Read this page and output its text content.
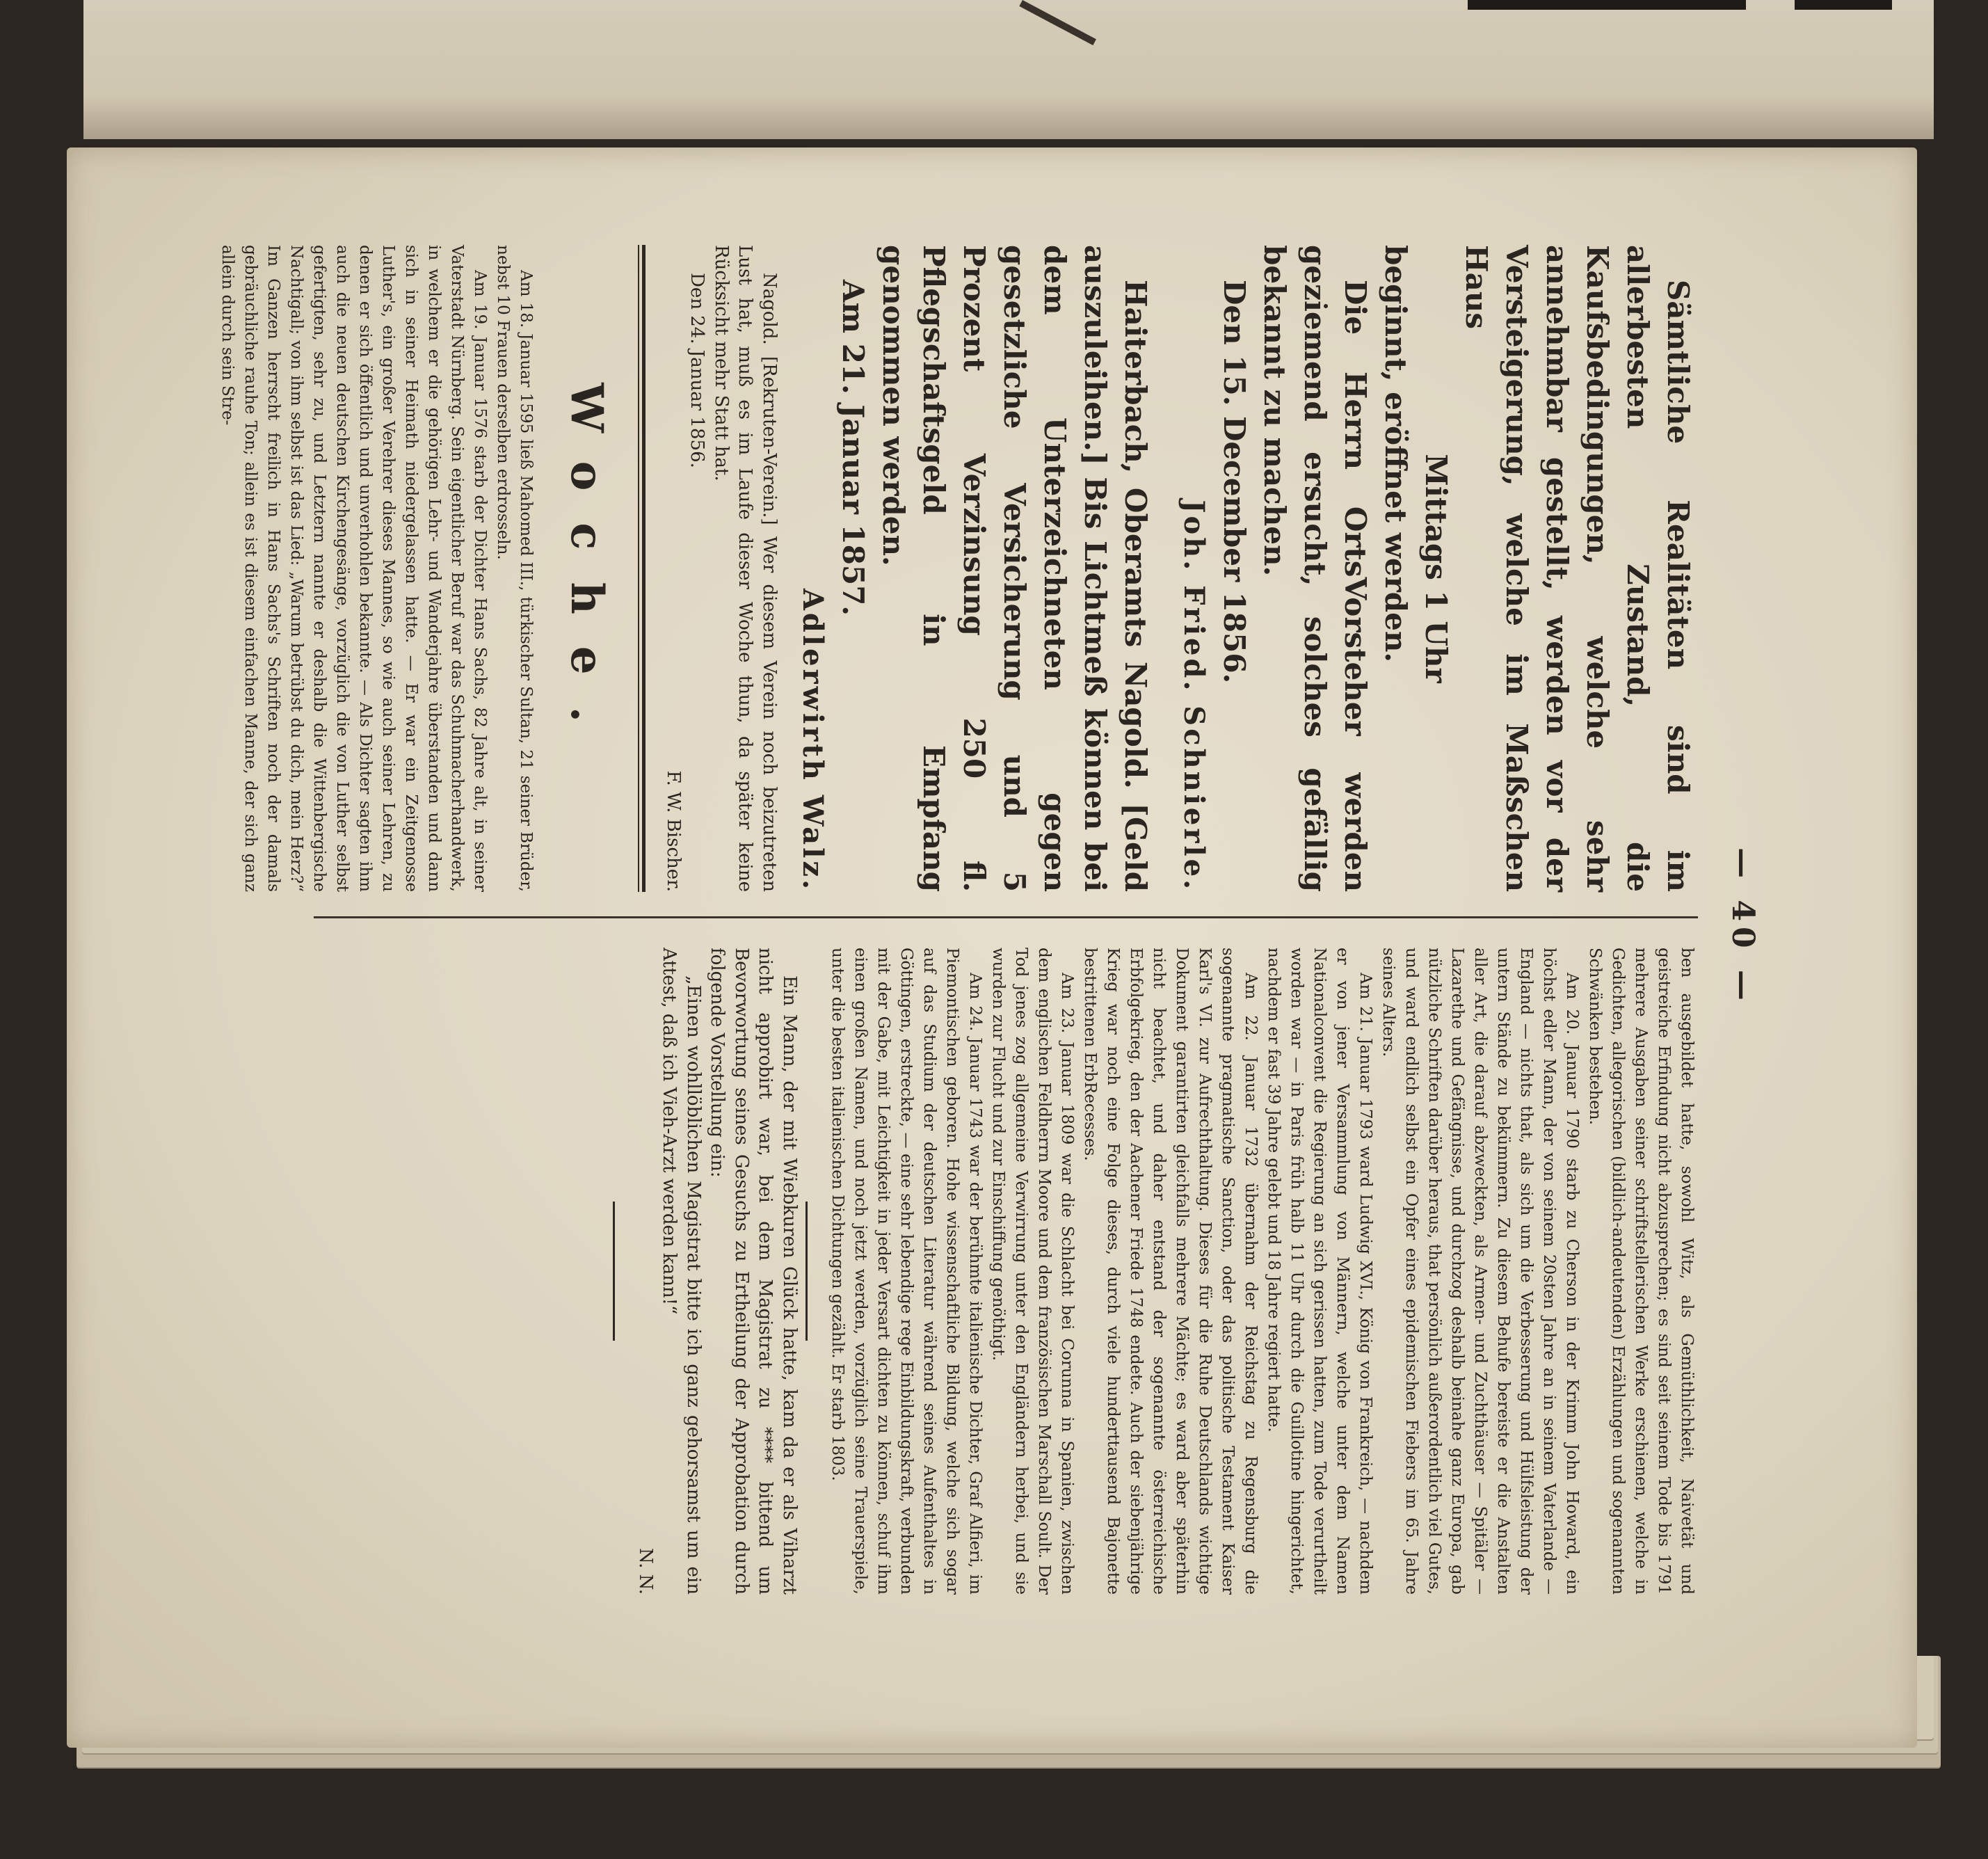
— 40 —

Sämtliche Realitäten sind im allerbesten Zustand, die Kaufsbedingungen, welche sehr annehmbar gestellt, werden vor der Versteigerung, welche im Maßschen Haus

Mittags 1 Uhr

beginnt, eröffnet werden.

Die Herrn OrtsVorsteher werden gezi̇emend ersucht, solches gefällig bekannt zu machen.

Den 15. December 1856.

Joh. Fried. Schnierle.

Haiterbach, Oberamts Nagold. [Geld auszuleihen.] Bis Lichtmeß können bei dem Unterzeichneten gegen gesetzliche Versicherung und 5 Prozent Verzinsung 250 fl. Pflegschaftsgeld in Empfang genommen werden.

Am 21. Januar 1857.

Adlerwirth Walz.

Nagold. [Rekruten-Verein.] Wer diesem Verein noch beizutreten Lust hat, muß es im Laufe dieser Woche thun, da später keine Rücksicht mehr Statt hat.

Den 24. Januar 1856.

F. W. Bischer.

Woche.

Am 18. Januar 1595 ließ Mahomed III., türkischer Sultan, 21 seiner Brüder, nebst 10 Frauen derselben erdrosseln.

Am 19. Januar 1576 starb der Dichter Hans Sachs, 82 Jahre alt, in seiner Vaterstadt Nürnberg. Sein eigentlicher Beruf war das Schuhmacherhandwerk, in welchem er die gehörigen Lehr- und Wanderjahre überstanden und dann sich in seiner Heimath niedergelassen hatte. — Er war ein Zeitgenosse Luther's, ein großer Verehrer dieses Mannes, so wie auch seiner Lehren, zu denen er sich öffentlich und unverhohlen bekannte. — Als Dichter sagten ihm auch die neuen deutschen Kirchengesänge, vorzüglich die von Luther selbst gefertigten, sehr zu, und Letztern nannte er deshalb die Wittenbergische Nachtigall; von ihm selbst ist das Lied: „Warum betrübst du dich, mein Herz?“ Im Ganzen herrscht freilich in Hans Sachs's Schriften noch der damals gebräuchliche rauhe Ton; allein es ist diesem einfachen Manne, der sich ganz allein durch sein Stre-

ben ausgebildet hatte, sowohl Witz, als Gemüthlichkeit, Naivetät und geistreiche Erfindung nicht abzusprechen; es sind seit seinem Tode bis 1791 mehrere Ausgaben seiner schriftstellerischen Werke erschienen, welche in Gedichten, allegorischen (bildlich-andeutenden) Erzählungen und sogenannten Schwänken bestehen.

Am 20. Januar 1790 starb zu Cherson in der Krimm John Howard, ein höchst edler Mann, der von seinem 20sten Jahre an in seinem Vaterlande — England — nichts that, als sich um die Verbesserung und Hülfsleistung der untern Stände zu bekümmern. Zu diesem Behufe bereiste er die Anstalten aller Art, die darauf abzweckten, als Armen- und Zuchthäuser — Spitäler — Lazarethe und Gefängnisse, und durchzog deshalb beinahe ganz Europa, gab nützliche Schriften darüber heraus, that persönlich außerordentlich viel Gutes, und ward endlich selbst ein Opfer eines epidemischen Fiebers im 65. Jahre seines Alters.

Am 21. Januar 1793 ward Ludwig XVI., König von Frankreich, — nachdem er von jener Versammlung von Männern, welche unter dem Namen Nationalconvent die Regierung an sich gerissen hatten, zum Tode verurtheilt worden war — in Paris früh halb 11 Uhr durch die Guillotine hingerichtet, nachdem er fast 39 Jahre gelebt und 18 Jahre regiert hatte.

Am 22. Januar 1732 übernahm der Reichstag zu Regensburg die sogenannte pragmatische Sanction, oder das politische Testament Kaiser Karl's VI. zur Aufrechthaltung. Dieses für die Ruhe Deutschlands wichtige Dokument garantirten gleichfalls mehrere Mächte; es ward aber späterhin nicht beachtet, und daher entstand der sogenannte österreichische Erbfolgekrieg, den der Aachener Friede 1748 endete. Auch der siebenjährige Krieg war noch eine Folge dieses, durch viele hunderttausend Bajonette bestrittenen ErbRecesses.

Am 23. Januar 1809 war die Schlacht bei Corunna in Spanien, zwischen dem englischen Feldherrn Moore und dem französischen Marschall Soult. Der Tod jenes zog allgemeine Verwirrung unter den Engländern herbei, und sie wurden zur Flucht und zur Einschiffung genöthigt.

Am 24. Januar 1743 war der berühmte italienische Dichter, Graf Alfieri, im Piemontischen geboren. Hohe wissenschaftliche Bildung, welche sich sogar auf das Studium der deutschen Literatur während seines Aufenthaltes in Göttingen, erstreckte, — eine sehr lebendige rege Einbildungskraft, verbunden mit der Gabe, mit Leichtigkeit in jeder Versart dichten zu können, schuf ihm einen großen Namen, und noch jetzt werden, vorzüglich seine Trauerspiele, unter die besten italienischen Dichtungen gezählt. Er starb 1803.

Ein Mann, der mit Wiebkuren Glück hatte, kam da er als Viharzt nicht approbirt war, bei dem Magistrat zu **** bittend um Bevorwortung seines Gesuchs zu Ertheilung der Approbation durch folgende Vorstellung ein:

„Einen wohllöblichen Magistrat bitte ich ganz gehorsamst um ein Attest, daß ich Vieh-Arzt werden kann!“

N. N.
